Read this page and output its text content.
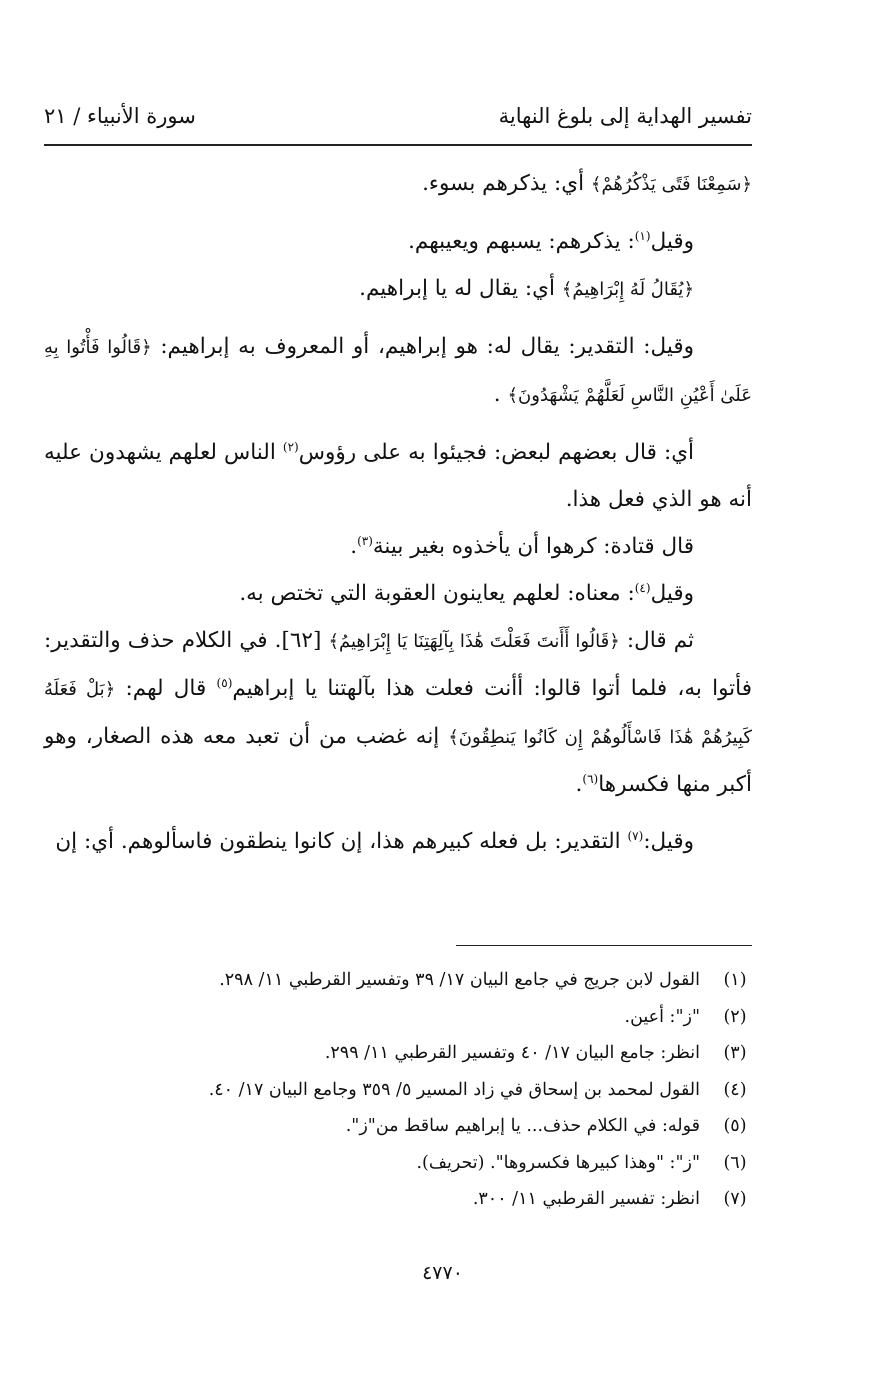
تفسير الهداية إلى بلوغ النهاية
سورة الأنبياء / ٢١

﴿سَمِعْنَا فَتًى يَذْكُرُهُمْ﴾ أي: يذكرهم بسوء.

وقيل$^{(١)}$: يذكرهم: يسبهم ويعيبهم.

﴿يُقَالُ لَهُ إِبْرَاهِيمُ﴾ أي: يقال له يا إبراهيم.

وقيل: التقدير: يقال له: هو إبراهيم، أو المعروف به إبراهيم: ﴿قَالُوا فَأْتُوا بِهِ عَلَىٰ أَعْيُنِ النَّاسِ لَعَلَّهُمْ يَشْهَدُونَ﴾ .

أي: قال بعضهم لبعض: فجيئوا به على رؤوس$^{(٢)}$ الناس لعلهم يشهدون عليه أنه هو الذي فعل هذا.

قال قتادة: كرهوا أن يأخذوه بغير بينة$^{(٣)}$.

وقيل$^{(٤)}$: معناه: لعلهم يعاينون العقوبة التي تختص به.

ثم قال: ﴿قَالُوا أَأَنتَ فَعَلْتَ هَٰذَا بِآلِهَتِنَا يَا إِبْرَاهِيمُ﴾ [٦٢]. في الكلام حذف والتقدير: فأتوا به، فلما أتوا قالوا: أأنت فعلت هذا بآلهتنا يا إبراهيم$^{(٥)}$ قال لهم: ﴿بَلْ فَعَلَهُ كَبِيرُهُمْ هَٰذَا فَاسْأَلُوهُمْ إِن كَانُوا يَنطِقُونَ﴾ إنه غضب من أن تعبد معه هذه الصغار، وهو أكبر منها فكسرها$^{(٦)}$.

وقيل:$^{(٧)}$ التقدير: بل فعله كبيرهم هذا، إن كانوا ينطقون فاسألوهم. أي: إن

(١)
القول لابن جريج في جامع البيان ١٧/ ٣٩ وتفسير القرطبي ١١/ ٢٩٨.
(٢)
"ز": أعين.
(٣)
انظر: جامع البيان ١٧/ ٤٠ وتفسير القرطبي ١١/ ٢٩٩.
(٤)
القول لمحمد بن إسحاق في زاد المسير ٥/ ٣٥٩ وجامع البيان ١٧/ ٤٠.
(٥)
قوله: في الكلام حذف... يا إبراهيم ساقط من"ز".
(٦)
"ز": "وهذا كبيرها فكسروها". (تحريف).
(٧)
انظر: تفسير القرطبي ١١/ ٣٠٠.
٤٧٧٠
